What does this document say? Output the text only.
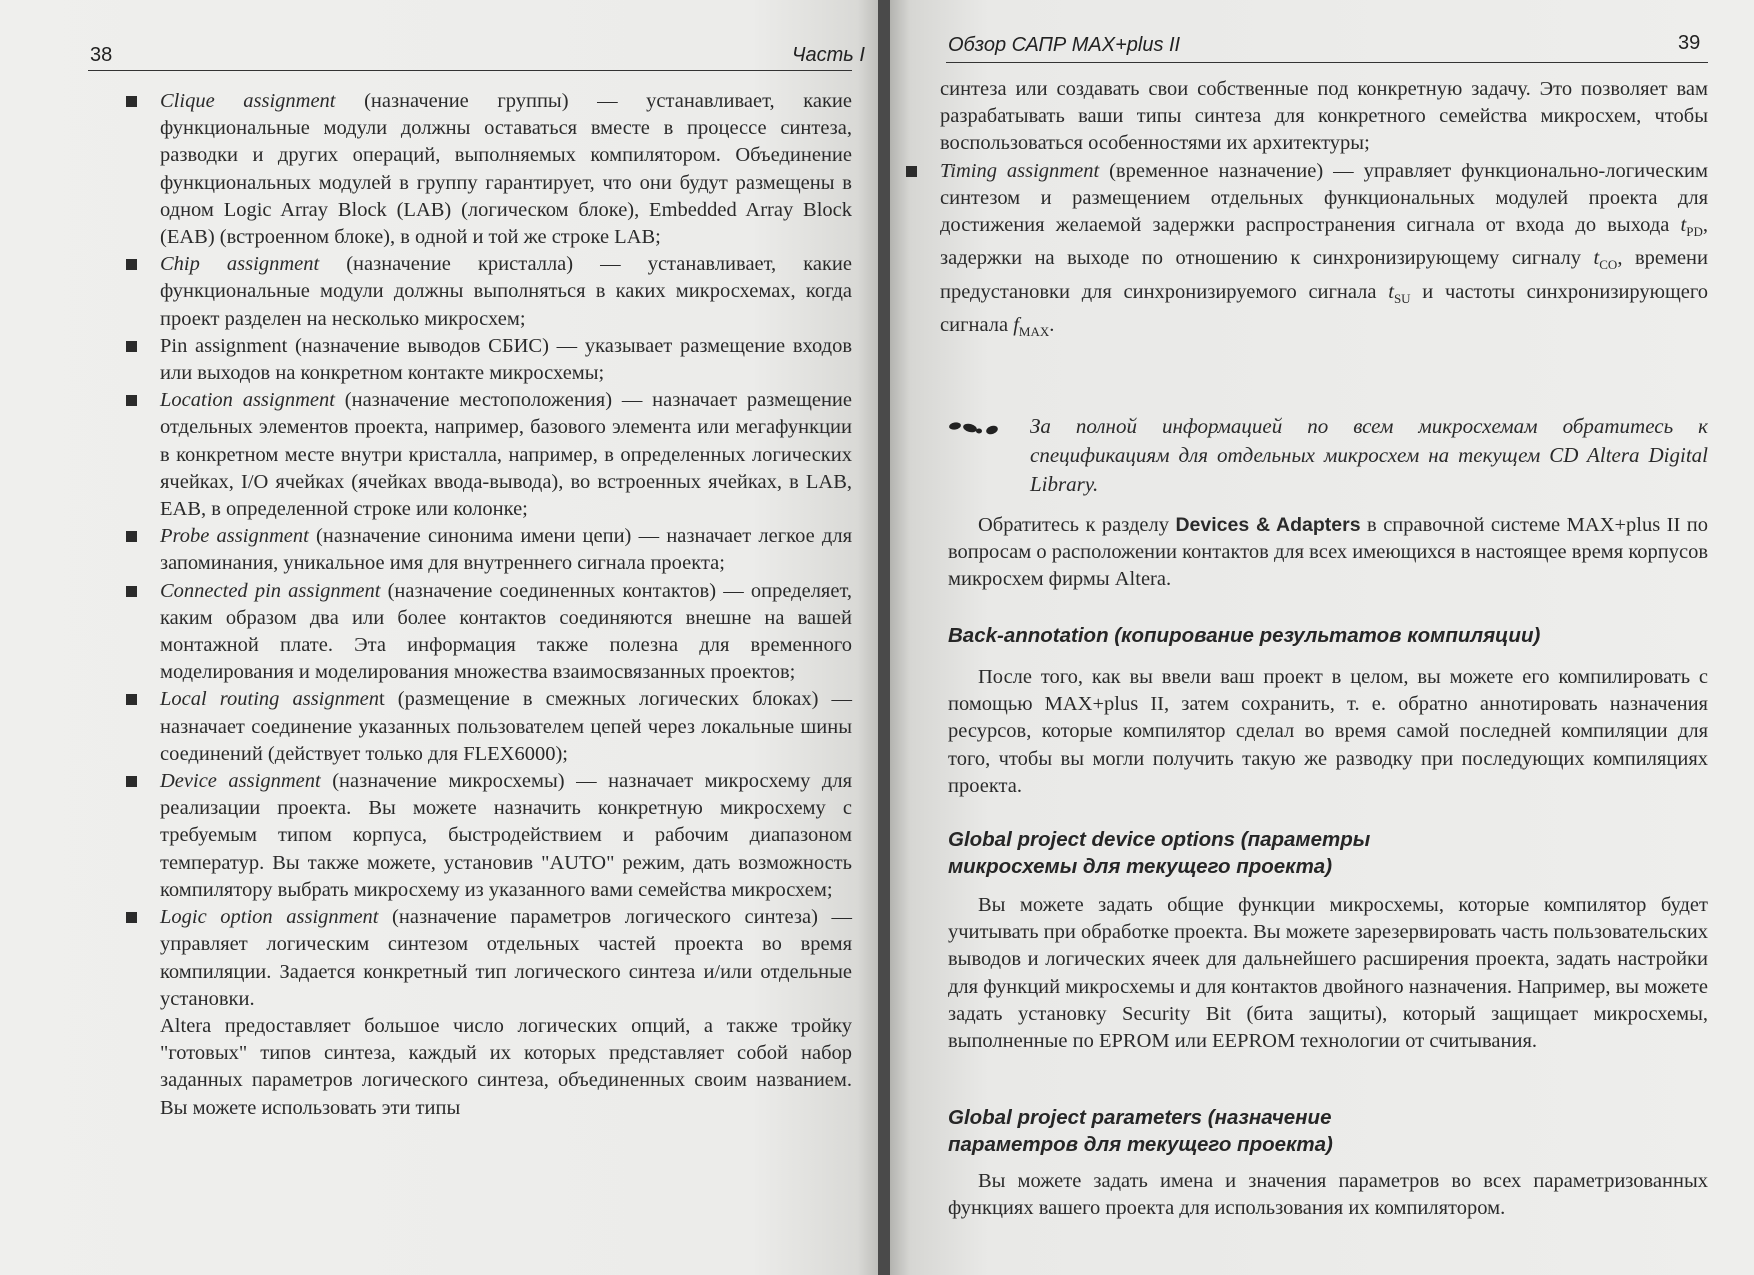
38	Часть I
Clique assignment (назначение группы) — устанавливает, какие функциональные модули должны оставаться вместе в процессе синтеза, разводки и других операций, выполняемых компилятором. Объединение функциональных модулей в группу гарантирует, что они будут размещены в одном Logic Array Block (LAB) (логическом блоке), Embedded Array Block (EAB) (встроенном блоке), в одной и той же строке LAB;
Chip assignment (назначение кристалла) — устанавливает, какие функциональные модули должны выполняться в каких микросхемах, когда проект разделен на несколько микросхем;
Pin assignment (назначение выводов СБИС) — указывает размещение входов или выходов на конкретном контакте микросхемы;
Location assignment (назначение местоположения) — назначает размещение отдельных элементов проекта, например, базового элемента или мегафункции в конкретном месте внутри кристалла, например, в определенных логических ячейках, I/O ячейках (ячейках ввода-вывода), во встроенных ячейках, в LAB, EAB, в определенной строке или колонке;
Probe assignment (назначение синонима имени цепи) — назначает легкое для запоминания, уникальное имя для внутреннего сигнала проекта;
Connected pin assignment (назначение соединенных контактов) — определяет, каким образом два или более контактов соединяются внешне на вашей монтажной плате. Эта информация также полезна для временного моделирования и моделирования множества взаимосвязанных проектов;
Local routing assignment (размещение в смежных логических блоках) — назначает соединение указанных пользователем цепей через локальные шины соединений (действует только для FLEX6000);
Device assignment (назначение микросхемы) — назначает микросхему для реализации проекта. Вы можете назначить конкретную микросхему с требуемым типом корпуса, быстродействием и рабочим диапазоном температур. Вы также можете, установив "AUTO" режим, дать возможность компилятору выбрать микросхему из указанного вами семейства микросхем;
Logic option assignment (назначение параметров логического синтеза) — управляет логическим синтезом отдельных частей проекта во время компиляции. Задается конкретный тип логического синтеза и/или отдельные установки.
Altera предоставляет большое число логических опций, а также тройку "готовых" типов синтеза, каждый их которых представляет собой набор заданных параметров логического синтеза, объединенных своим названием. Вы можете использовать эти типы
Обзор САПР MAX+plus II	39
синтеза или создавать свои собственные под конкретную задачу. Это позволяет вам разрабатывать ваши типы синтеза для конкретного семейства микросхем, чтобы воспользоваться особенностями их архитектуры;
Timing assignment (временное назначение) — управляет функционально-логическим синтезом и размещением отдельных функциональных модулей проекта для достижения желаемой задержки распространения сигнала от входа до выхода $t_{PD}$, задержки на выходе по отношению к синхронизирующему сигналу $t_{CO}$, времени предустановки для синхронизируемого сигнала $t_{SU}$ и частоты синхронизирующего сигнала $f_{MAX}$.
За полной информацией по всем микросхемам обратитесь к спецификациям для отдельных микросхем на текущем CD Altera Digital Library.
Обратитесь к разделу Devices & Adapters в справочной системе MAX+plus II по вопросам о расположении контактов для всех имеющихся в настоящее время корпусов микросхем фирмы Altera.
Back-annotation (копирование результатов компиляции)
После того, как вы ввели ваш проект в целом, вы можете его компилировать с помощью MAX+plus II, затем сохранить, т. е. обратно аннотировать назначения ресурсов, которые компилятор сделал во время самой последней компиляции для того, чтобы вы могли получить такую же разводку при последующих компиляциях проекта.
Global project device options (параметры
микросхемы для текущего проекта)
Вы можете задать общие функции микросхемы, которые компилятор будет учитывать при обработке проекта. Вы можете зарезервировать часть пользовательских выводов и логических ячеек для дальнейшего расширения проекта, задать настройки для функций микросхемы и для контактов двойного назначения. Например, вы можете задать установку Security Bit (бита защиты), который защищает микросхемы, выполненные по EPROM или EEPROM технологии от считывания.
Global project parameters (назначение
параметров для текущего проекта)
Вы можете задать имена и значения параметров во всех параметризованных функциях вашего проекта для использования их компилятором.
